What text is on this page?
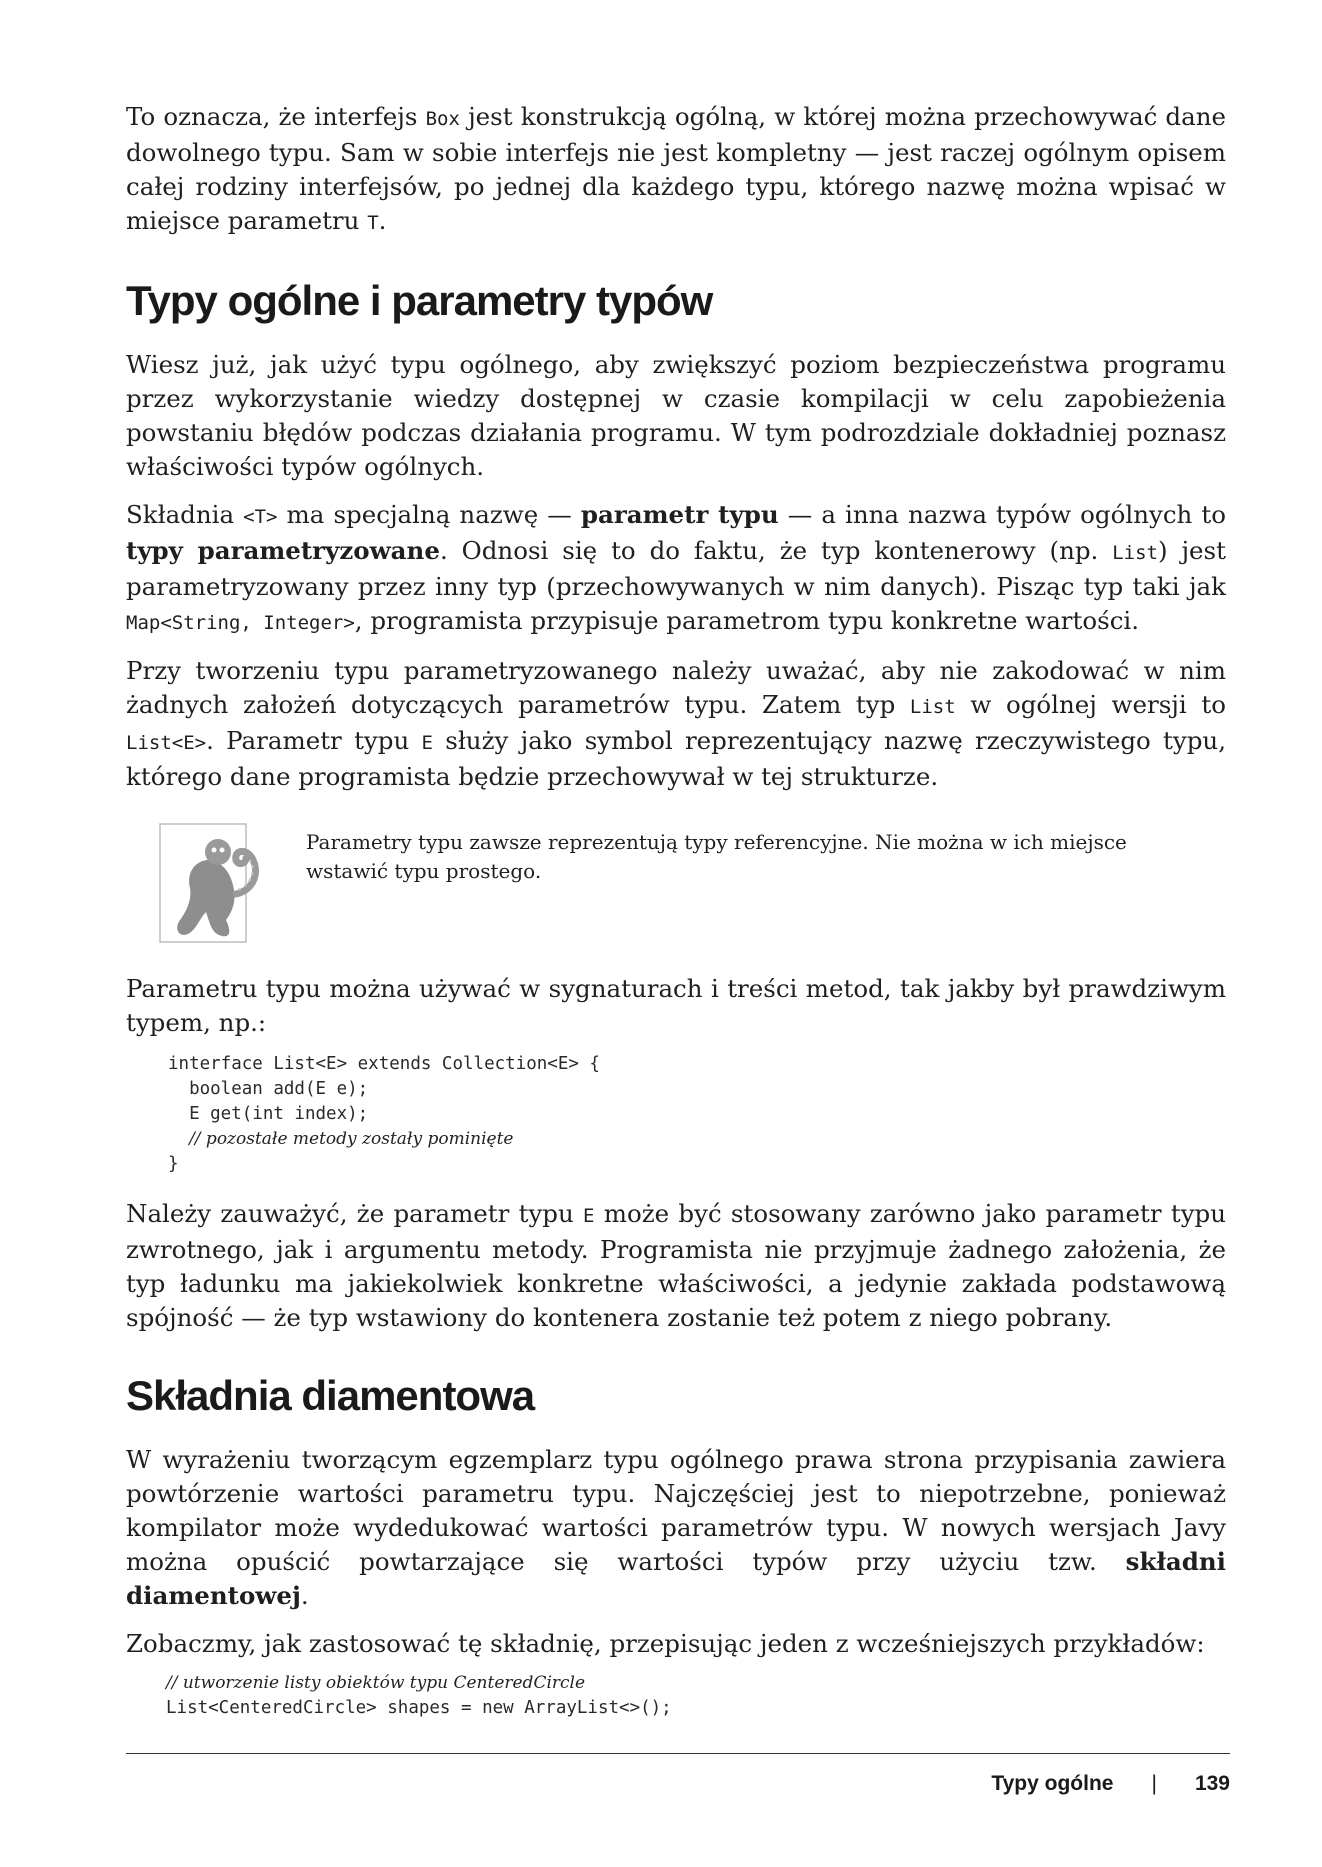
To oznacza, że interfejs Box jest konstrukcją ogólną, w której można przechowywać dane dowolnego typu. Sam w sobie interfejs nie jest kompletny — jest raczej ogólnym opisem całej rodziny interfejsów, po jednej dla każdego typu, którego nazwę można wpisać w miejsce parametru T.

Typy ogólne i parametry typów

Wiesz już, jak użyć typu ogólnego, aby zwiększyć poziom bezpieczeństwa programu przez wykorzystanie wiedzy dostępnej w czasie kompilacji w celu zapobieżenia powstaniu błędów podczas działania programu. W tym podrozdziale dokładniej poznasz właściwości typów ogólnych.

Składnia <T> ma specjalną nazwę — parametr typu — a inna nazwa typów ogólnych to typy parametryzowane. Odnosi się to do faktu, że typ kontenerowy (np. List) jest parametryzowany przez inny typ (przechowywanych w nim danych). Pisząc typ taki jak Map<String, Integer>, programista przypisuje parametrom typu konkretne wartości.

Przy tworzeniu typu parametryzowanego należy uważać, aby nie zakodować w nim żadnych założeń dotyczących parametrów typu. Zatem typ List w ogólnej wersji to List<E>. Parametr typu E służy jako symbol reprezentujący nazwę rzeczywistego typu, którego dane programista będzie przechowywał w tej strukturze.

Parametry typu zawsze reprezentują typy referencyjne. Nie można w ich miejsce wstawić typu prostego.

Parametru typu można używać w sygnaturach i treści metod, tak jakby był prawdziwym typem, np.:

interface List<E> extends Collection<E> {
boolean add(E e);
E get(int index);
// pozostałe metody zostały pominięte
}

Należy zauważyć, że parametr typu E może być stosowany zarówno jako parametr typu zwrotnego, jak i argumentu metody. Programista nie przyjmuje żadnego założenia, że typ ładunku ma jakiekolwiek konkretne właściwości, a jedynie zakłada podstawową spójność — że typ wstawiony do kontenera zostanie też potem z niego pobrany.

Składnia diamentowa

W wyrażeniu tworzącym egzemplarz typu ogólnego prawa strona przypisania zawiera powtórzenie wartości parametru typu. Najczęściej jest to niepotrzebne, ponieważ kompilator może wydedukować wartości parametrów typu. W nowych wersjach Javy można opuścić powtarzające się wartości typów przy użyciu tzw. składni diamentowej.

Zobaczmy, jak zastosować tę składnię, przepisując jeden z wcześniejszych przykładów:

// utworzenie listy obiektów typu CenteredCircle
List<CenteredCircle> shapes = new ArrayList<>();
Typy ogólne | 139
